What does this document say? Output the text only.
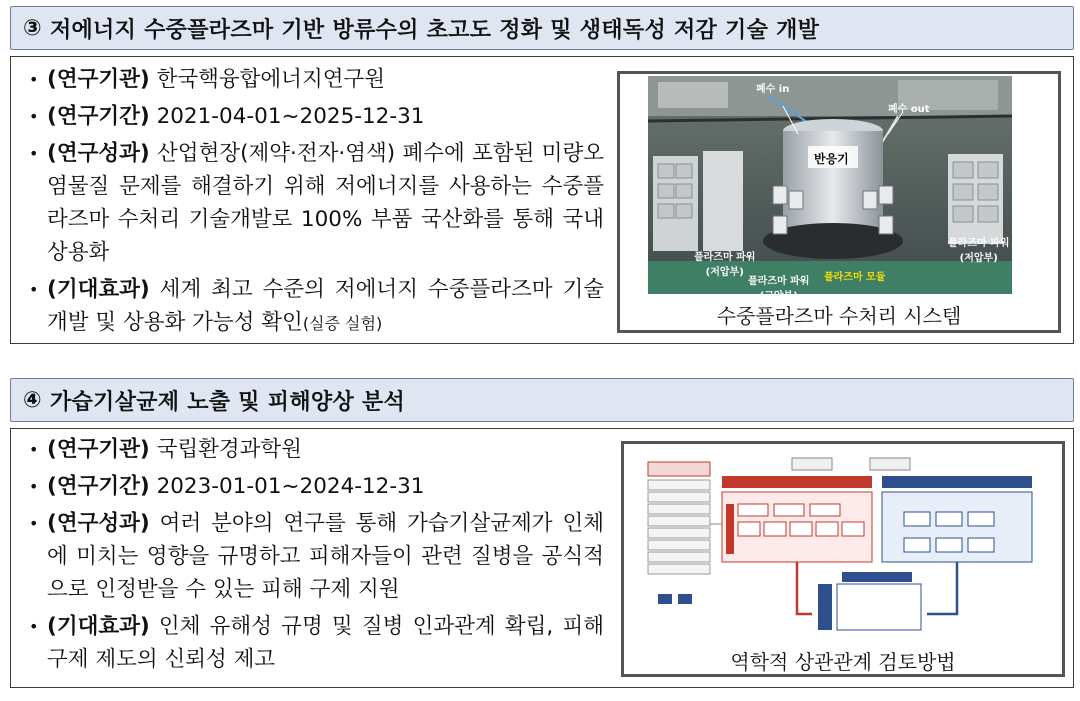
③ 저에너지 수중플라즈마 기반 방류수의 초고도 정화 및 생태독성 저감 기술 개발
• (연구기관) 한국핵융합에너지연구원
• (연구기간) 2021-04-01~2025-12-31
• (연구성과) 산업현장(제약·전자·염색) 폐수에 포함된 미량오염물질 문제를 해결하기 위해 저에너지를 사용하는 수중플라즈마 수처리 기술개발로 100% 부품 국산화를 통해 국내 상용화
• (기대효과) 세계 최고 수준의 저에너지 수중플라즈마 기술 개발 및 상용화 가능성 확인(실증 실험)
폐수 in
폐수 out
반응기
플라즈마 파워
(저압부)
플라즈마 파워
(고압부)
플라즈마 모듈
플라즈마 파워
(저압부)
수중플라즈마 수처리 시스템
④ 가습기살균제 노출 및 피해양상 분석
• (연구기관) 국립환경과학원
• (연구기간) 2023-01-01~2024-12-31
• (연구성과) 여러 분야의 연구를 통해 가습기살균제가 인체에 미치는 영향을 규명하고 피해자들이 관련 질병을 공식적으로 인정받을 수 있는 피해 구제 지원
• (기대효과) 인체 유해성 규명 및 질병 인과관계 확립, 피해 구제 제도의 신뢰성 제고	역학적 상관관계 검토방법
